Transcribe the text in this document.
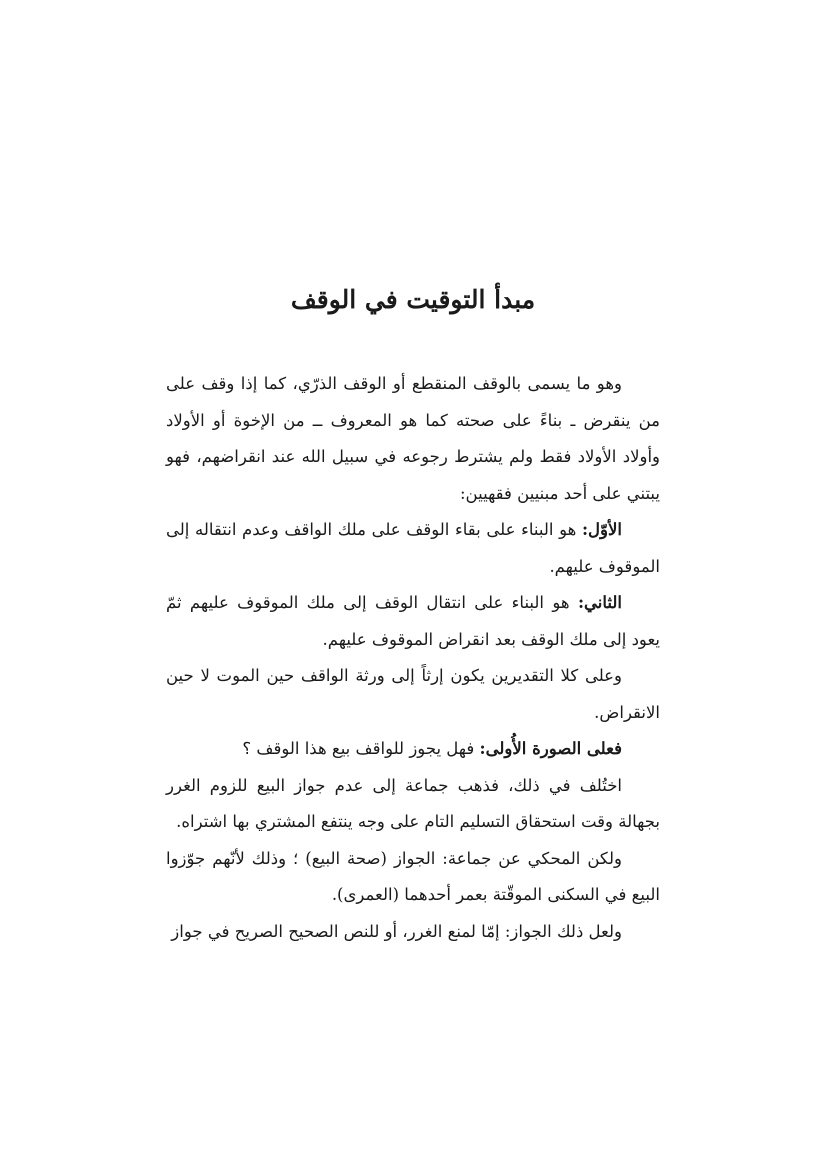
مبدأ التوقيت في الوقف

وهو ما يسمى بالوقف المنقطع أو الوقف الذرّي، كما إذا وقف على من ينقرض ـ بناءً على صحته كما هو المعروف ــ من الإخوة أو الأولاد وأولاد الأولاد فقط ولم يشترط رجوعه في سبيل الله عند انقراضهم، فهو يبتني على أحد مبنيين فقهيين:

الأوّل: هو البناء على بقاء الوقف على ملك الواقف وعدم انتقاله إلى الموقوف عليهم.

الثاني: هو البناء على انتقال الوقف إلى ملك الموقوف عليهم ثمّ يعود إلى ملك الوقف بعد انقراض الموقوف عليهم.

وعلى كلا التقديرين يكون إرثاً إلى ورثة الواقف حين الموت لا حين الانقراض.

فعلى الصورة الأُولى: فهل يجوز للواقف بيع هذا الوقف ؟

اختُلف في ذلك، فذهب جماعة إلى عدم جواز البيع للزوم الغرر بجهالة وقت استحقاق التسليم التام على وجه ينتفع المشتري بها اشتراه.

ولكن المحكي عن جماعة: الجواز (صحة البيع) ؛ وذلك لأنّهم جوّزوا البيع في السكنى الموقّتة بعمر أحدهما (العمرى).

ولعل ذلك الجواز: إمّا لمنع الغرر، أو للنص الصحيح الصريح في جواز
